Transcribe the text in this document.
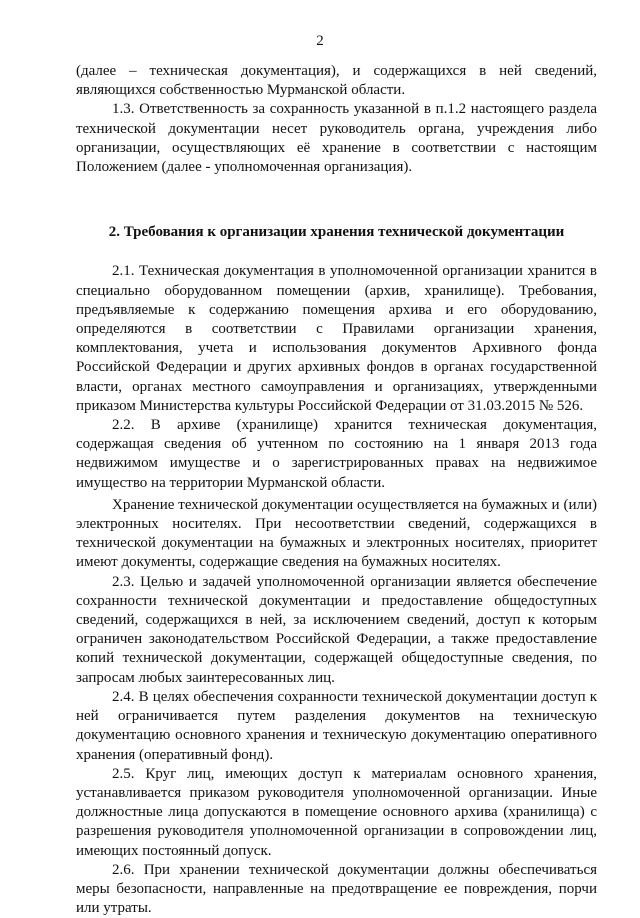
2

(далее – техническая документация), и содержащихся в ней сведений, являющихся собственностью Мурманской области.

1.3. Ответственность за сохранность указанной в п.1.2 настоящего раздела технической документации несет руководитель органа, учреждения либо организации, осуществляющих её хранение в соответствии с настоящим Положением (далее - уполномоченная организация).

2. Требования к организации хранения технической документации

2.1. Техническая документация в уполномоченной организации хранится в специально оборудованном помещении (архив, хранилище). Требования, предъявляемые к содержанию помещения архива и его оборудованию, определяются в соответствии с Правилами организации хранения, комплектования, учета и использования документов Архивного фонда Российской Федерации и других архивных фондов в органах государственной власти, органах местного самоуправления и организациях, утвержденными приказом Министерства культуры Российской Федерации от 31.03.2015 № 526.

2.2. В архиве (хранилище) хранится техническая документация, содержащая сведения об учтенном по состоянию на 1 января 2013 года недвижимом имуществе и о зарегистрированных правах на недвижимое имущество на территории Мурманской области.

Хранение технической документации осуществляется на бумажных и (или) электронных носителях. При несоответствии сведений, содержащихся в технической документации на бумажных и электронных носителях, приоритет имеют документы, содержащие сведения на бумажных носителях.

2.3. Целью и задачей уполномоченной организации является обеспечение сохранности технической документации и предоставление общедоступных сведений, содержащихся в ней, за исключением сведений, доступ к которым ограничен законодательством Российской Федерации, а также предоставление копий технической документации, содержащей общедоступные сведения, по запросам любых заинтересованных лиц.

2.4. В целях обеспечения сохранности технической документации доступ к ней ограничивается путем разделения документов на техническую документацию основного хранения и техническую документацию оперативного хранения (оперативный фонд).

2.5. Круг лиц, имеющих доступ к материалам основного хранения, устанавливается приказом руководителя уполномоченной организации. Иные должностные лица допускаются в помещение основного архива (хранилища) с разрешения руководителя уполномоченной организации в сопровождении лиц, имеющих постоянный допуск.

2.6. При хранении технической документации должны обеспечиваться меры безопасности, направленные на предотвращение ее повреждения, порчи или утраты.
